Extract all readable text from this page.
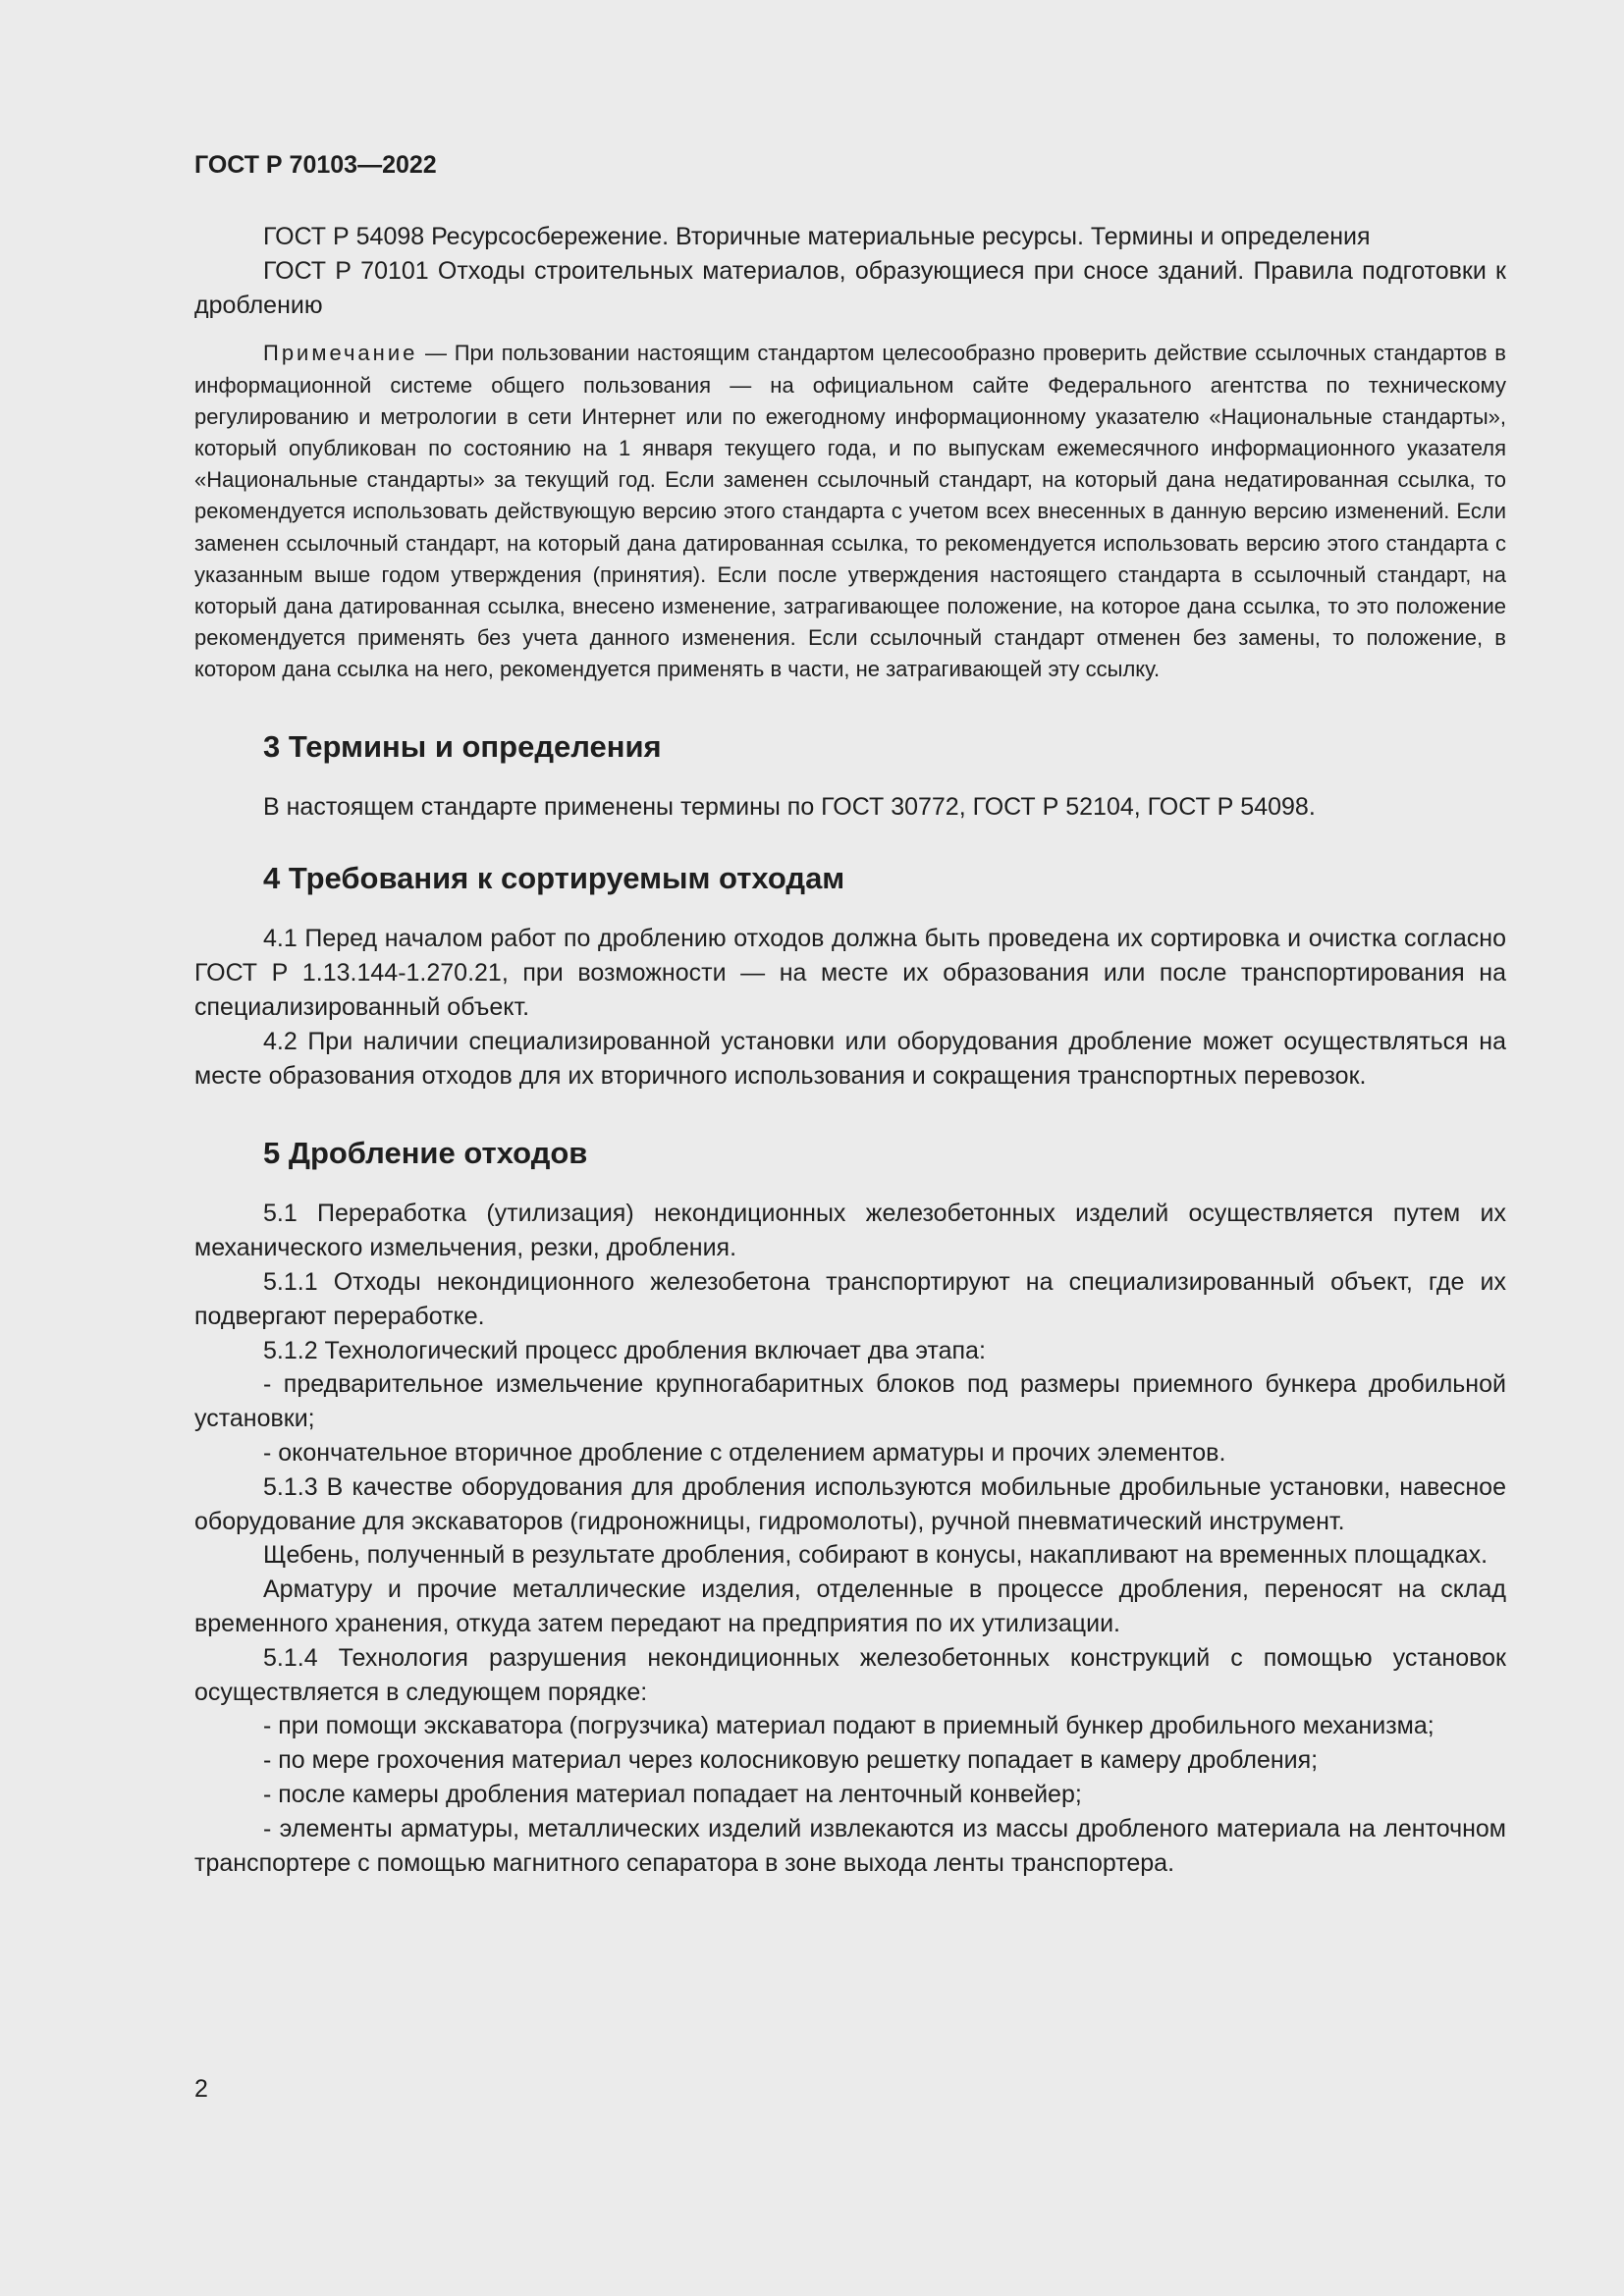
ГОСТ Р 70103—2022

ГОСТ Р 54098 Ресурсосбережение. Вторичные материальные ресурсы. Термины и определения

ГОСТ Р 70101 Отходы строительных материалов, образующиеся при сносе зданий. Правила подготовки к дроблению

Примечание — При пользовании настоящим стандартом целесообразно проверить действие ссылочных стандартов в информационной системе общего пользования — на официальном сайте Федерального агентства по техническому регулированию и метрологии в сети Интернет или по ежегодному информационному указателю «Национальные стандарты», который опубликован по состоянию на 1 января текущего года, и по выпускам ежемесячного информационного указателя «Национальные стандарты» за текущий год. Если заменен ссылочный стандарт, на который дана недатированная ссылка, то рекомендуется использовать действующую версию этого стандарта с учетом всех внесенных в данную версию изменений. Если заменен ссылочный стандарт, на который дана датированная ссылка, то рекомендуется использовать версию этого стандарта с указанным выше годом утверждения (принятия). Если после утверждения настоящего стандарта в ссылочный стандарт, на который дана датированная ссылка, внесено изменение, затрагивающее положение, на которое дана ссылка, то это положение рекомендуется применять без учета данного изменения. Если ссылочный стандарт отменен без замены, то положение, в котором дана ссылка на него, рекомендуется применять в части, не затрагивающей эту ссылку.

3 Термины и определения

В настоящем стандарте применены термины по ГОСТ 30772, ГОСТ Р 52104, ГОСТ Р 54098.

4 Требования к сортируемым отходам

4.1 Перед началом работ по дроблению отходов должна быть проведена их сортировка и очистка согласно ГОСТ Р 1.13.144-1.270.21, при возможности — на месте их образования или после транспортирования на специализированный объект.

4.2 При наличии специализированной установки или оборудования дробление может осуществляться на месте образования отходов для их вторичного использования и сокращения транспортных перевозок.

5 Дробление отходов

5.1 Переработка (утилизация) некондиционных железобетонных изделий осуществляется путем их механического измельчения, резки, дробления.

5.1.1 Отходы некондиционного железобетона транспортируют на специализированный объект, где их подвергают переработке.

5.1.2 Технологический процесс дробления включает два этапа:

- предварительное измельчение крупногабаритных блоков под размеры приемного бункера дробильной установки;

- окончательное вторичное дробление с отделением арматуры и прочих элементов.

5.1.3 В качестве оборудования для дробления используются мобильные дробильные установки, навесное оборудование для экскаваторов (гидроножницы, гидромолоты), ручной пневматический инструмент.

Щебень, полученный в результате дробления, собирают в конусы, накапливают на временных площадках.

Арматуру и прочие металлические изделия, отделенные в процессе дробления, переносят на склад временного хранения, откуда затем передают на предприятия по их утилизации.

5.1.4 Технология разрушения некондиционных железобетонных конструкций с помощью установок осуществляется в следующем порядке:

- при помощи экскаватора (погрузчика) материал подают в приемный бункер дробильного механизма;

- по мере грохочения материал через колосниковую решетку попадает в камеру дробления;

- после камеры дробления материал попадает на ленточный конвейер;

- элементы арматуры, металлических изделий извлекаются из массы дробленого материала на ленточном транспортере с помощью магнитного сепаратора в зоне выхода ленты транспортера.

2
